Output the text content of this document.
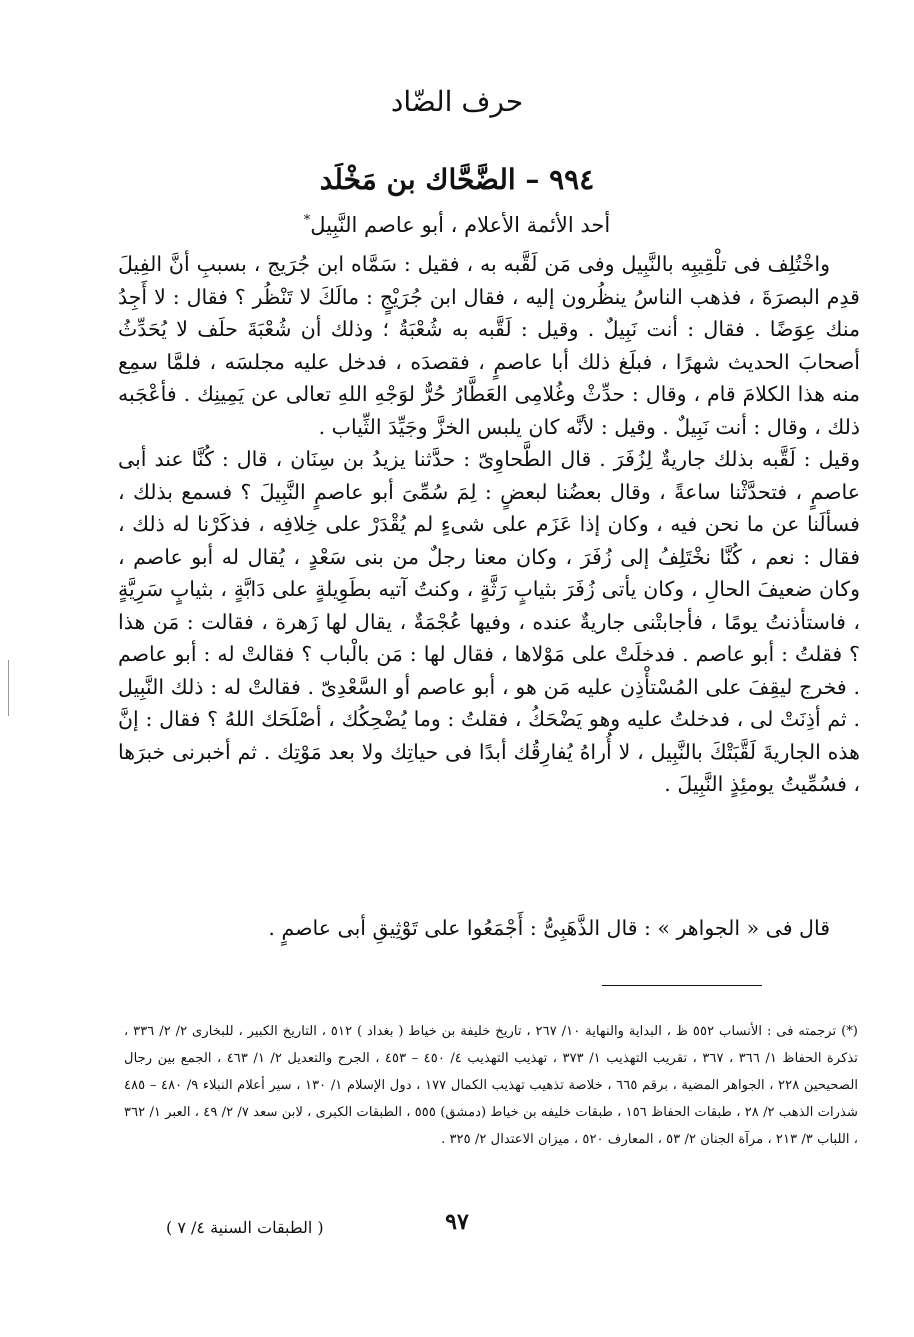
حرف الضّاد
٩٩٤ – الضَّحَّاك بن مَخْلَد
أحد الأئمة الأعلام ، أبو عاصم النَّبِيل*

واخْتُلِف فى تلْقِيبِه بالنَّبِيل وفى مَن لَقَّبه به ، فقيل : سَمَّاه ابن جُرَيج ، بسببِ أنَّ الفِيلَ قدِم البصرَةَ ، فذهب الناسُ ينظُرون إليه ، فقال ابن جُرَيْجٍ : مالَكَ لا تَنْظُر ؟ فقال : لا أَجِدُ منك عِوَضًا . فقال : أنت نَبِيلٌ . وقيل : لَقَّبه به شُعْبَةُ ؛ وذلك أن شُعْبَةَ حلَف لا يُحَدِّثُ أصحابَ الحديث شهرًا ، فبلَغ ذلك أبا عاصمٍ ، فقصدَه ، فدخل عليه مجلسَه ، فلمَّا سمِع منه هذا الكلامَ قام ، وقال : حدِّثْ وغُلامِى العَطَّارُ حُرٌّ لوَجْهِ اللهِ تعالى عن يَمِينِك . فأعْجَبه ذلك ، وقال : أنت نَبِيلٌ . وقيل : لأنَّه كان يلبس الخزَّ وجَيِّدَ الثِّياب .

وقيل : لَقَّبه بذلك جاريةٌ لِزُفَرَ . قال الطَّحاوِىّ : حدَّثنا يزيدُ بن سِنَان ، قال : كُنَّا عند أبى عاصمٍ ، فتحدَّثْنا ساعةً ، وقال بعضُنا لبعضٍ : لِمَ سُمِّىَ أبو عاصمٍ النَّبِيلَ ؟ فسمع بذلك ، فسألَنا عن ما نحن فيه ، وكان إذا عَزَم على شىءٍ لم يُقْدَرْ على خِلافِه ، فذكَرْنا له ذلك ، فقال : نعم ، كُنَّا نخْتَلِفُ إلى زُفَرَ ، وكان معنا رجلٌ من بنى سَعْدٍ ، يُقال له أبو عاصم ، وكان ضعيفَ الحالِ ، وكان يأتى زُفَرَ بثيابٍ رَثَّةٍ ، وكنتُ آتيه بطَوِيلةٍ على دَابَّةٍ ، بثيابٍ سَرِيَّةٍ ، فاستأذنتُ يومًا ، فأجابتْنى جاريةٌ عنده ، وفيها عُجْمَةٌ ، يقال لها زَهرة ، فقالت : مَن هذا ؟ فقلتُ : أبو عاصم . فدخلَتْ على مَوْلاها ، فقال لها : مَن بالْباب ؟ فقالتْ له : أبو عاصم . فخرج ليقِفَ على المُسْتأْذِن عليه مَن هو ، أبو عاصم أو السَّعْدِىّ . فقالتْ له : ذلك النَّبِيل . ثم أذِنَتْ لى ، فدخلتُ عليه وهو يَضْحَكُ ، فقلتُ : وما يُضْحِكُك ، أصْلَحَك اللهُ ؟ فقال : إنَّ هذه الجاريةَ لَقَّبَتْكَ بالنَّبِيل ، لا أُراهُ يُفارِقُك أبدًا فى حياتِك ولا بعد مَوْتِك . ثم أخبرنى خبرَها ، فسُمِّيتُ يومئِذٍ النَّبِيلَ .

قال فى « الجواهر » : قال الذَّهَبِىُّ : أَجْمَعُوا على تَوْثِيقِ أبى عاصمٍ .
(*) ترجمته فى : الأنساب ٥٥٢ ظ ، البداية والنهاية ١٠/ ٢٦٧ ، تاريخ خليفة بن خياط ( بغداد ) ٥١٢ ، التاريخ الكبير ، للبخارى ٢/ ٢/ ٣٣٦ ، تذكرة الحفاظ ١/ ٣٦٦ ، ٣٦٧ ، تقريب التهذيب ١/ ٣٧٣ ، تهذيب التهذيب ٤/ ٤٥٠ – ٤٥٣ ، الجرح والتعديل ٢/ ١/ ٤٦٣ ، الجمع بين رجال الصحيحين ٢٢٨ ، الجواهر المضية ، برقم ٦٦٥ ، خلاصة تذهيب تهذيب الكمال ١٧٧ ، دول الإسلام ١/ ١٣٠ ، سير أعلام النبلاء ٩/ ٤٨٠ – ٤٨٥ شذرات الذهب ٢/ ٢٨ ، طبقات الحفاظ ١٥٦ ، طبقات خليفه بن خياط (دمشق) ٥٥٥ ، الطبقات الكبرى ، لابن سعد ٧/ ٢/ ٤٩ ، العبر ١/ ٣٦٢ ، اللباب ٣/ ٢١٣ ، مرآة الجنان ٢/ ٥٣ ، المعارف ٥٢٠ ، ميزان الاعتدال ٢/ ٣٢٥ .
٩٧
( الطبقات السنية ٤/ ٧ )
